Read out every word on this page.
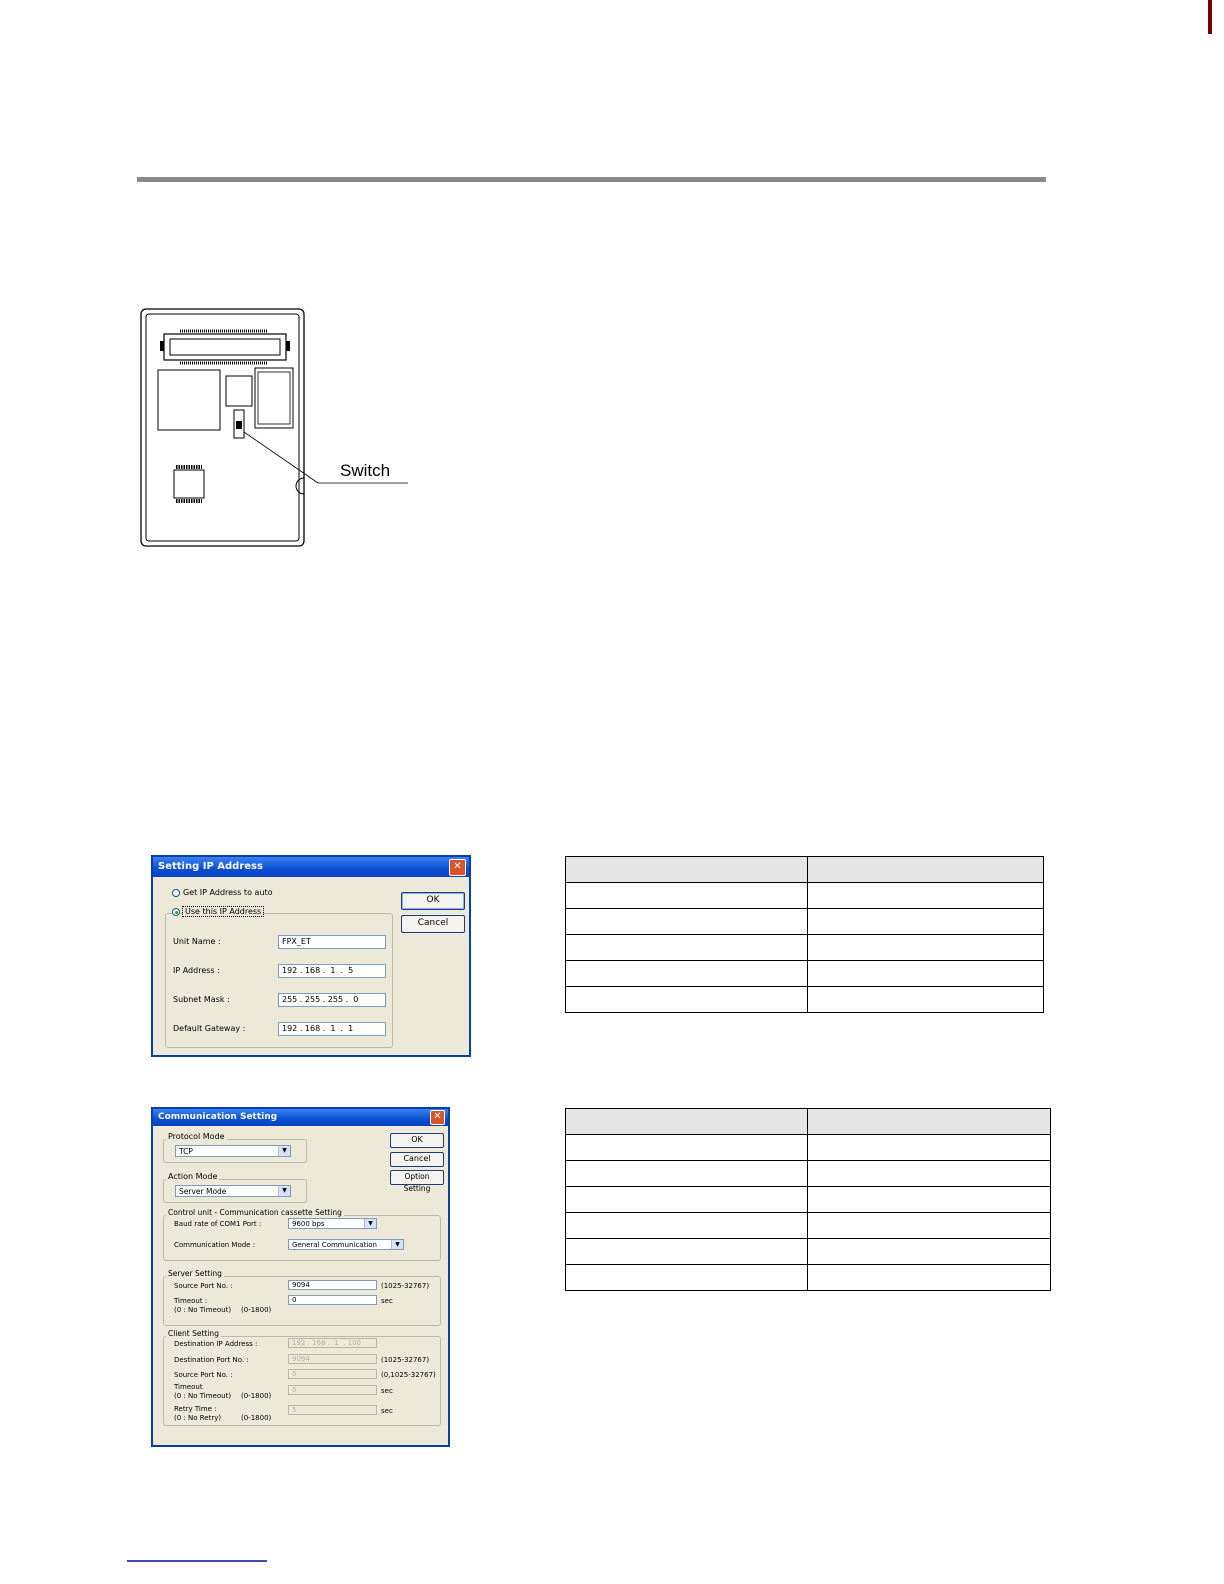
Switch
Setting IP Address	✕
Get IP Address to auto
Use this IP Address
Unit Name :	FPX_ET
IP Address :	192 . 168 .  1  .  5
Subnet Mask :	255 . 255 . 255 .  0
Default Gateway :	192 . 168 .  1  .  1
OK
Cancel

Communication Setting	✕
Protocol Mode
TCP	▼
Action Mode
Server Mode	▼
OK
Cancel
Option Setting
Control unit - Communication cassette Setting
Baud rate of COM1 Port :	9600 bps	▼
Communication Mode :	General Communication	▼
Server Setting
Source Port No. :	9094	(1025-32767)
Timeout :	0	sec
(0 : No Timeout) (0-1800)
Client Setting
Destination IP Address :	192 . 168 .  1  . 100
Destination Port No. :	9094	(1025-32767)
Source Port No. :	0	(0,1025-32767)
Timeout	0	sec
(0 : No Timeout) (0-1800)
Retry Time :	5	sec
(0 : No Retry)	(0-1800)
